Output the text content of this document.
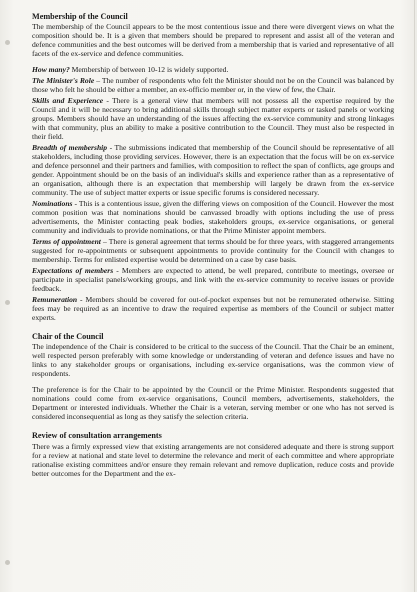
Membership of the Council

The membership of the Council appears to be the most contentious issue and there were divergent views on what the composition should be. It is a given that members should be prepared to represent and assist all of the veteran and defence communities and the best outcomes will be derived from a membership that is varied and representative of all facets of the ex-service and defence communities.

How many? Membership of between 10-12 is widely supported.

The Minister's Role – The number of respondents who felt the Minister should not be on the Council was balanced by those who felt he should be either a member, an ex-officio member or, in the view of few, the Chair.

Skills and Experience - There is a general view that members will not possess all the expertise required by the Council and it will be necessary to bring additional skills through subject matter experts or tasked panels or working groups. Members should have an understanding of the issues affecting the ex-service community and strong linkages with that community, plus an ability to make a positive contribution to the Council. They must also be respected in their field.

Breadth of membership - The submissions indicated that membership of the Council should be representative of all stakeholders, including those providing services. However, there is an expectation that the focus will be on ex-service and defence personnel and their partners and families, with composition to reflect the span of conflicts, age groups and gender. Appointment should be on the basis of an individual's skills and experience rather than as a representative of an organisation, although there is an expectation that membership will largely be drawn from the ex-service community. The use of subject matter experts or issue specific forums is considered necessary.

Nominations - This is a contentious issue, given the differing views on composition of the Council. However the most common position was that nominations should be canvassed broadly with options including the use of press advertisements, the Minister contacting peak bodies, stakeholders groups, ex-service organisations, or general community and individuals to provide nominations, or that the Prime Minister appoint members.

Terms of appointment – There is general agreement that terms should be for three years, with staggered arrangements suggested for re-appointments or subsequent appointments to provide continuity for the Council with changes to membership. Terms for enlisted expertise would be determined on a case by case basis.

Expectations of members - Members are expected to attend, be well prepared, contribute to meetings, oversee or participate in specialist panels/working groups, and link with the ex-service community to receive issues or provide feedback.

Remuneration - Members should be covered for out-of-pocket expenses but not be remunerated otherwise. Sitting fees may be required as an incentive to draw the required expertise as members of the Council or subject matter experts.

Chair of the Council

The independence of the Chair is considered to be critical to the success of the Council. That the Chair be an eminent, well respected person preferably with some knowledge or understanding of veteran and defence issues and have no links to any stakeholder groups or organisations, including ex-service organisations, was the common view of respondents.

The preference is for the Chair to be appointed by the Council or the Prime Minister. Respondents suggested that nominations could come from ex-service organisations, Council members, advertisements, stakeholders, the Department or interested individuals. Whether the Chair is a veteran, serving member or one who has not served is considered inconsequential as long as they satisfy the selection criteria.

Review of consultation arrangements

There was a firmly expressed view that existing arrangements are not considered adequate and there is strong support for a review at national and state level to determine the relevance and merit of each committee and where appropriate rationalise existing committees and/or ensure they remain relevant and remove duplication, reduce costs and provide better outcomes for the Department and the ex-
